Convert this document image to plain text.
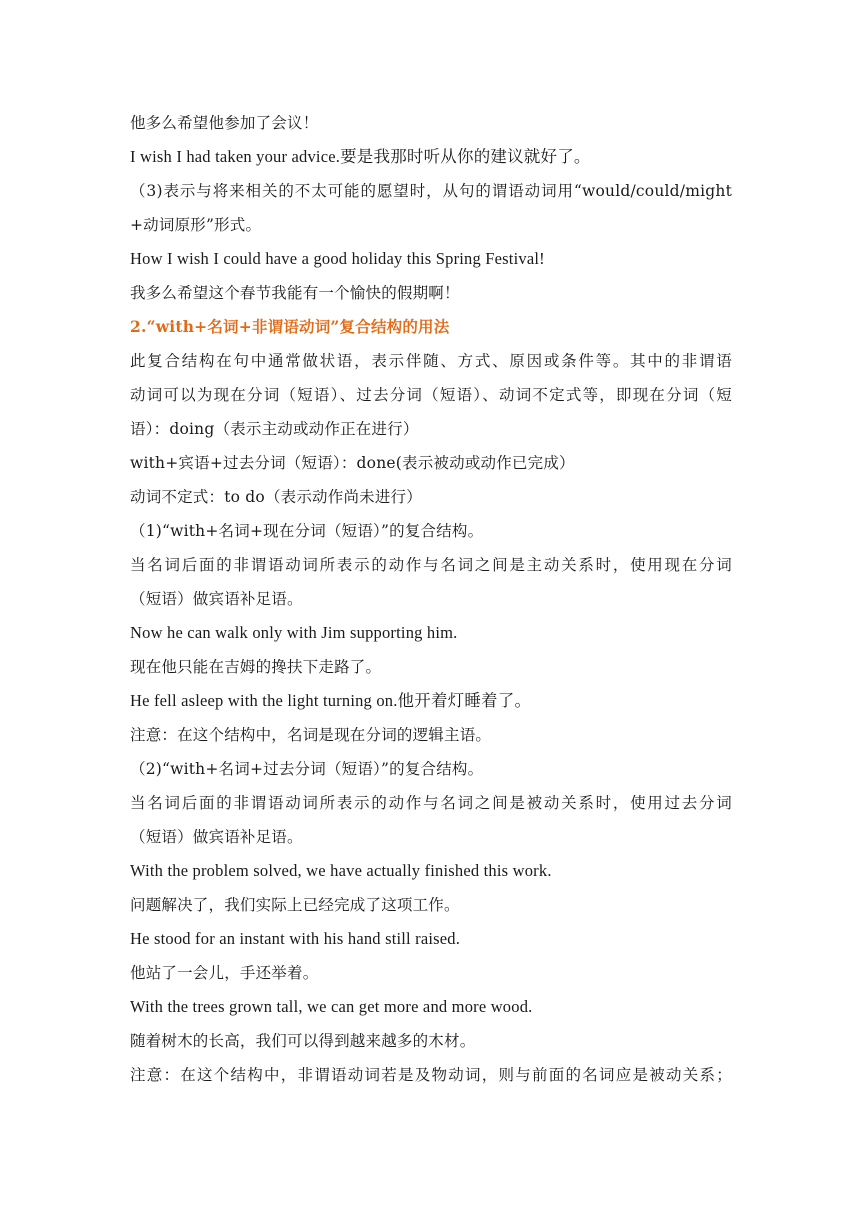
他多么希望他参加了会议！
I wish I had taken your advice.要是我那时听从你的建议就好了。
（3)表示与将来相关的不太可能的愿望时，从句的谓语动词用“would/could/might
+动词原形”形式。
How I wish I could have a good holiday this Spring Festival!
我多么希望这个春节我能有一个愉快的假期啊！
2.“with+名词+非谓语动词”复合结构的用法
此复合结构在句中通常做状语，表示伴随、方式、原因或条件等。其中的非谓语
动词可以为现在分词（短语）、过去分词（短语）、动词不定式等，即现在分词（短
语）：doing（表示主动或动作正在进行）
with+宾语+过去分词（短语）：done(表示被动或动作已完成）
动词不定式：to do（表示动作尚未进行）
（1)“with+名词+现在分词（短语）”的复合结构。
当名词后面的非谓语动词所表示的动作与名词之间是主动关系时，使用现在分词
（短语）做宾语补足语。
Now he can walk only with Jim supporting him.
现在他只能在吉姆的搀扶下走路了。
He fell asleep with the light turning on.他开着灯睡着了。
注意：在这个结构中，名词是现在分词的逻辑主语。
（2)“with+名词+过去分词（短语）”的复合结构。
当名词后面的非谓语动词所表示的动作与名词之间是被动关系时，使用过去分词
（短语）做宾语补足语。
With the problem solved, we have actually finished this work.
问题解决了，我们实际上已经完成了这项工作。
He stood for an instant with his hand still raised.
他站了一会儿，手还举着。
With the trees grown tall, we can get more and more wood.
随着树木的长高，我们可以得到越来越多的木材。
注意：在这个结构中，非谓语动词若是及物动词，则与前面的名词应是被动关系；
